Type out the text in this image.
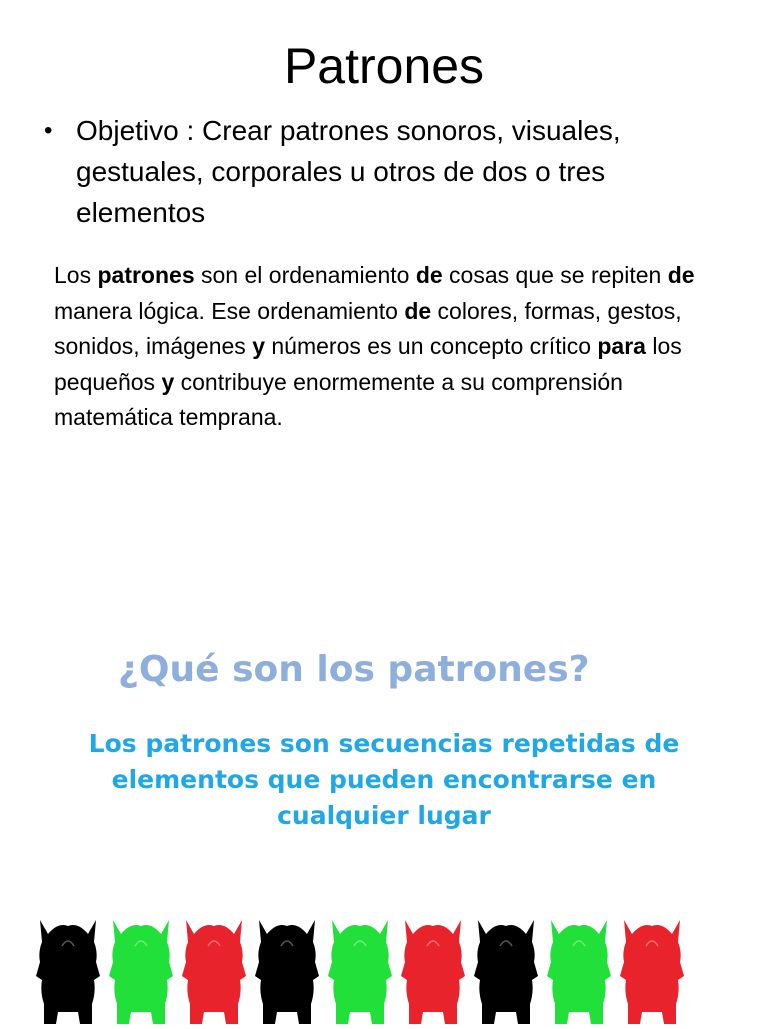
Patrones
• Objetivo : Crear patrones sonoros, visuales, gestuales, corporales u otros de dos o tres elementos
Los patrones son el ordenamiento de cosas que se repiten de manera lógica. Ese ordenamiento de colores, formas, gestos, sonidos, imágenes y números es un concepto crítico para los pequeños y contribuye enormemente a su comprensión matemática temprana.
¿Qué son los patrones?
Los patrones son secuencias repetidas de elementos que pueden encontrarse en cualquier lugar
